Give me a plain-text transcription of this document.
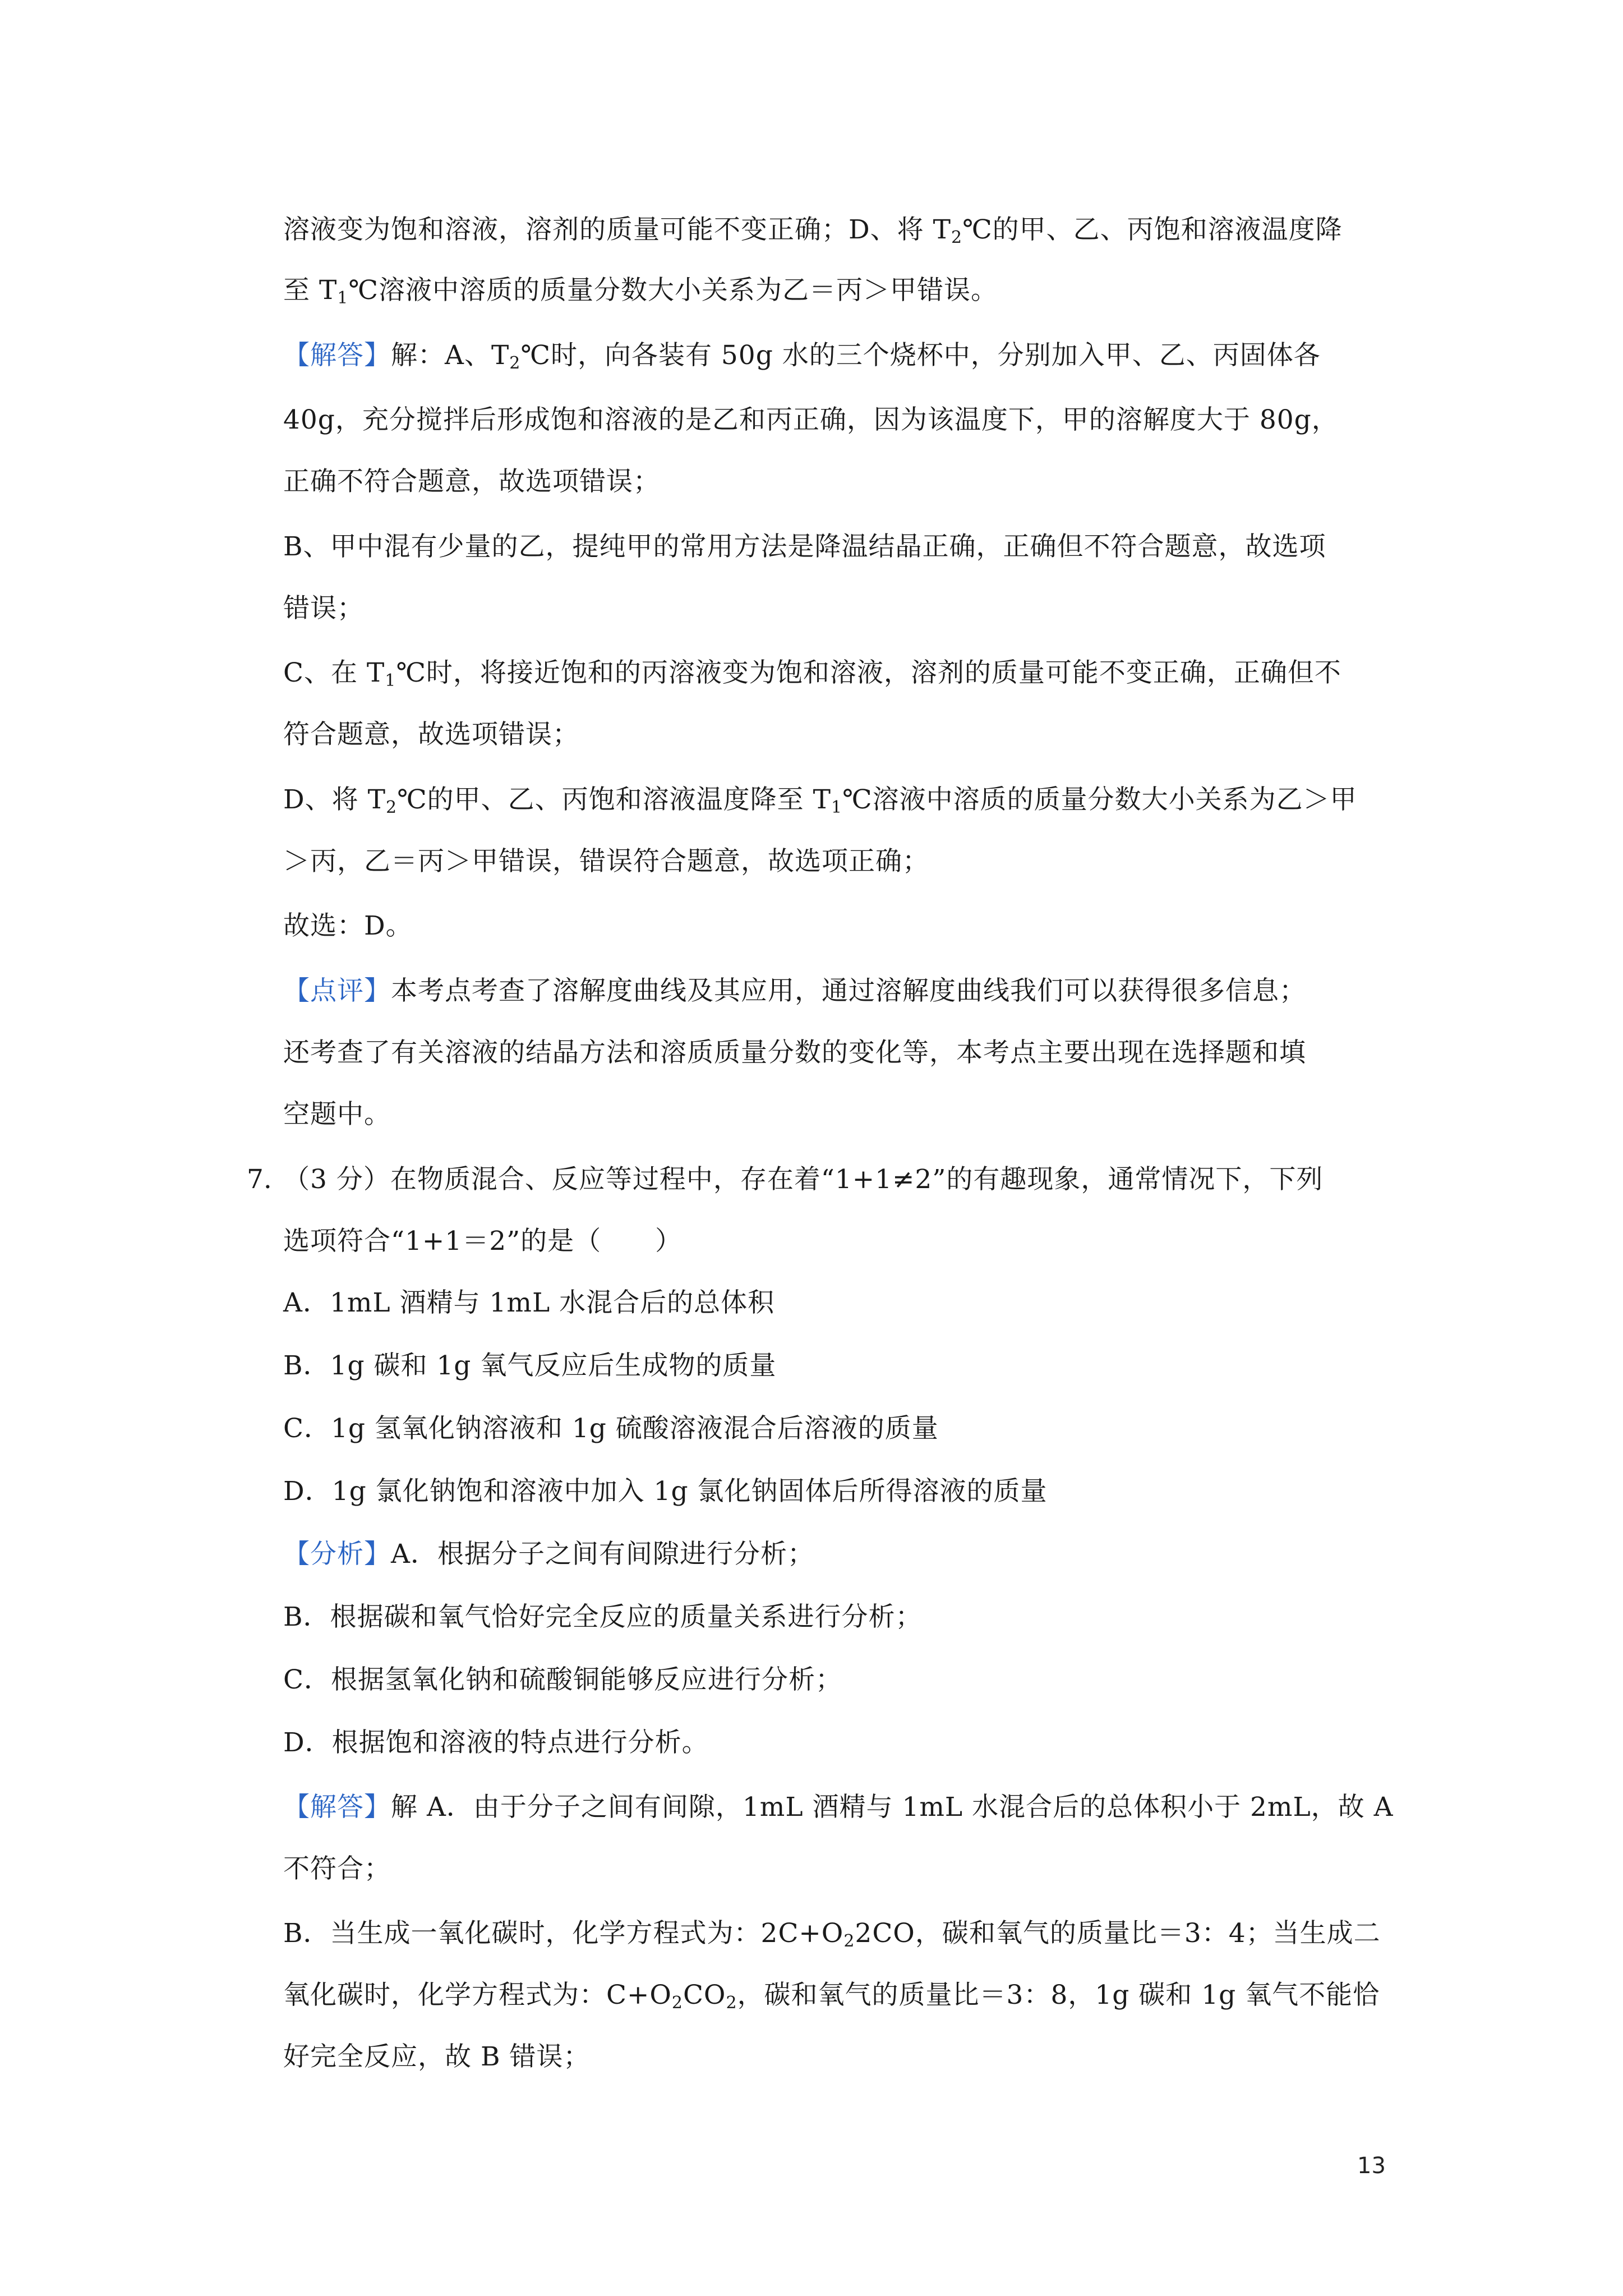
溶液变为饱和溶液，溶剂的质量可能不变正确；D、将 $T_2℃$的甲、乙、丙饱和溶液温度降
至 $T_1℃$溶液中溶质的质量分数大小关系为乙＝丙＞甲错误。
【解答】解：A、$T_2℃$时，向各装有 50g 水的三个烧杯中，分别加入甲、乙、丙固体各
40g，充分搅拌后形成饱和溶液的是乙和丙正确，因为该温度下，甲的溶解度大于 80g，
正确不符合题意，故选项错误；
B、甲中混有少量的乙，提纯甲的常用方法是降温结晶正确，正确但不符合题意，故选项
错误；
C、在 $T_1℃$时，将接近饱和的丙溶液变为饱和溶液，溶剂的质量可能不变正确，正确但不
符合题意，故选项错误；
D、将 $T_2℃$的甲、乙、丙饱和溶液温度降至 $T_1℃$溶液中溶质的质量分数大小关系为乙＞甲
＞丙，乙＝丙＞甲错误，错误符合题意，故选项正确；
故选：D。
【点评】本考点考查了溶解度曲线及其应用，通过溶解度曲线我们可以获得很多信息；
还考查了有关溶液的结晶方法和溶质质量分数的变化等，本考点主要出现在选择题和填
空题中。
7. （3 分）在物质混合、反应等过程中，存在着“1+1≠2”的有趣现象，通常情况下，下列
选项符合“1+1＝2”的是（　　）
A．1mL 酒精与 1mL 水混合后的总体积
B．1g 碳和 1g 氧气反应后生成物的质量
C．1g 氢氧化钠溶液和 1g 硫酸溶液混合后溶液的质量
D．1g 氯化钠饱和溶液中加入 1g 氯化钠固体后所得溶液的质量
【分析】A．根据分子之间有间隙进行分析；
B．根据碳和氧气恰好完全反应的质量关系进行分析；
C．根据氢氧化钠和硫酸铜能够反应进行分析；
D．根据饱和溶液的特点进行分析。
【解答】解 A．由于分子之间有间隙，1mL 酒精与 1mL 水混合后的总体积小于 2mL，故 A
不符合；
B．当生成一氧化碳时，化学方程式为：$2C+O_22CO$，碳和氧气的质量比＝3：4；当生成二
氧化碳时，化学方程式为：$C+O_2CO_2$，碳和氧气的质量比＝3：8，1g 碳和 1g 氧气不能恰
好完全反应，故 B 错误；
13
